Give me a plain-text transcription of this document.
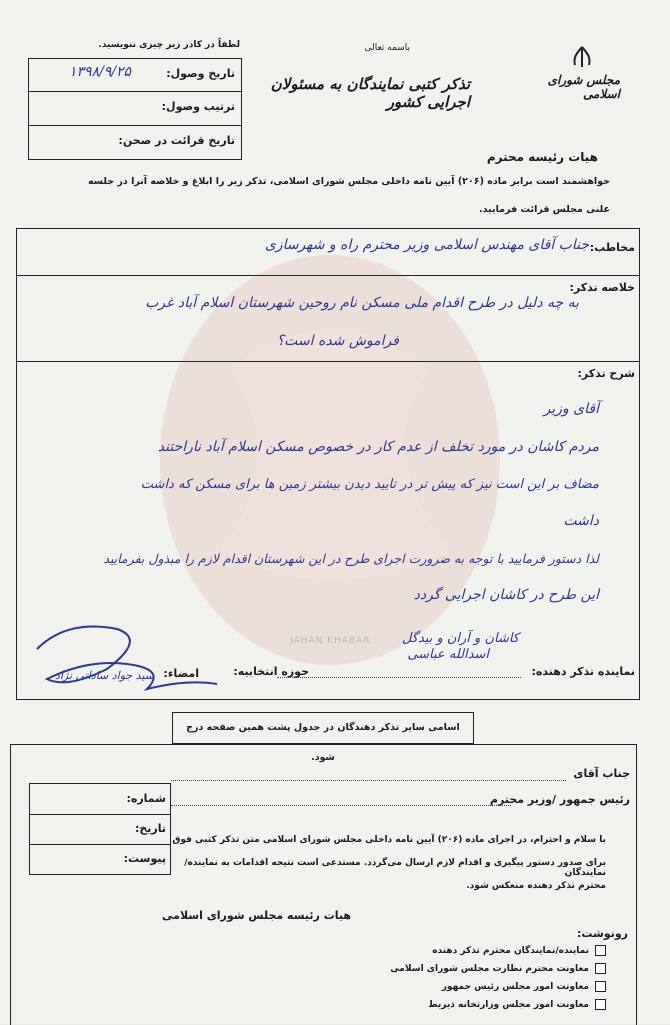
JAHAN KHABAR
مجلس شورای اسلامی
باسمه تعالی
تذکر کتبی نمایندگان به مسئولان اجرایی کشور
لطفاً در کادر زیر چیزی ننویسید.
تاریخ وصول:
۱۳۹۸/۹/۲۵
ترتیب وصول:
تاریخ قرائت در صحن:
هیات رئیسه محترم
خواهشمند است برابر ماده (۲۰۶) آیین نامه داخلی مجلس شورای اسلامی، تذکر زیر را ابلاغ و خلاصه آنرا در جلسه
علنی مجلس قرائت فرمایید.
مخاطب:
جناب آقای مهندس اسلامی وزیر محترم راه و شهرسازی
خلاصه تذکر:
به چه دلیل در طرح اقدام ملی مسکن نام روحین شهرستان اسلام آباد غرب
فراموش شده است؟
شرح تذکر:
آقای وزیر
مردم کاشان در مورد تخلف از عدم کار در خصوص مسکن اسلام آباد ناراحتند
مضاف بر این است نیز که پیش تر در تایید دیدن بیشتر زمین ها برای مسکن که داشت
داشت
لذا دستور فرمایید با توجه به ضرورت اجرای طرح در این شهرستان اقدام لازم را مبذول بفرمایید
این طرح در کاشان اجرایی گردد
نماینده تذکر دهنده:
اسدالله عباسی
حوزه انتخابیه:
کاشان و آران و بیدگل
امضاء:
سید جواد ساداتی نژاد
اسامی سایر تذکر دهندگان در جدول پشت همین صفحه درج شود.
جناب آقای
رئیس جمهور /وزیر محترم
شماره:
تاریخ:
پیوست:
با سلام و احترام، در اجرای ماده (۲۰۶) آیین نامه داخلی مجلس شورای اسلامی متن تذکر کتبی فوق
برای صدور دستور پیگیری و اقدام لازم ارسال می‌گردد. مستدعی است نتیجه اقدامات به نماینده/نمایندگان
محترم تذکر دهنده منعکس شود.
هیات رئیسه مجلس شورای اسلامی
رونوشت:
نماینده/نمایندگان محترم تذکر دهنده
معاونت محترم نظارت مجلس شورای اسلامی
معاونت امور مجلس رئیس جمهور
معاونت امور مجلس وزارتخانه ذیربط
